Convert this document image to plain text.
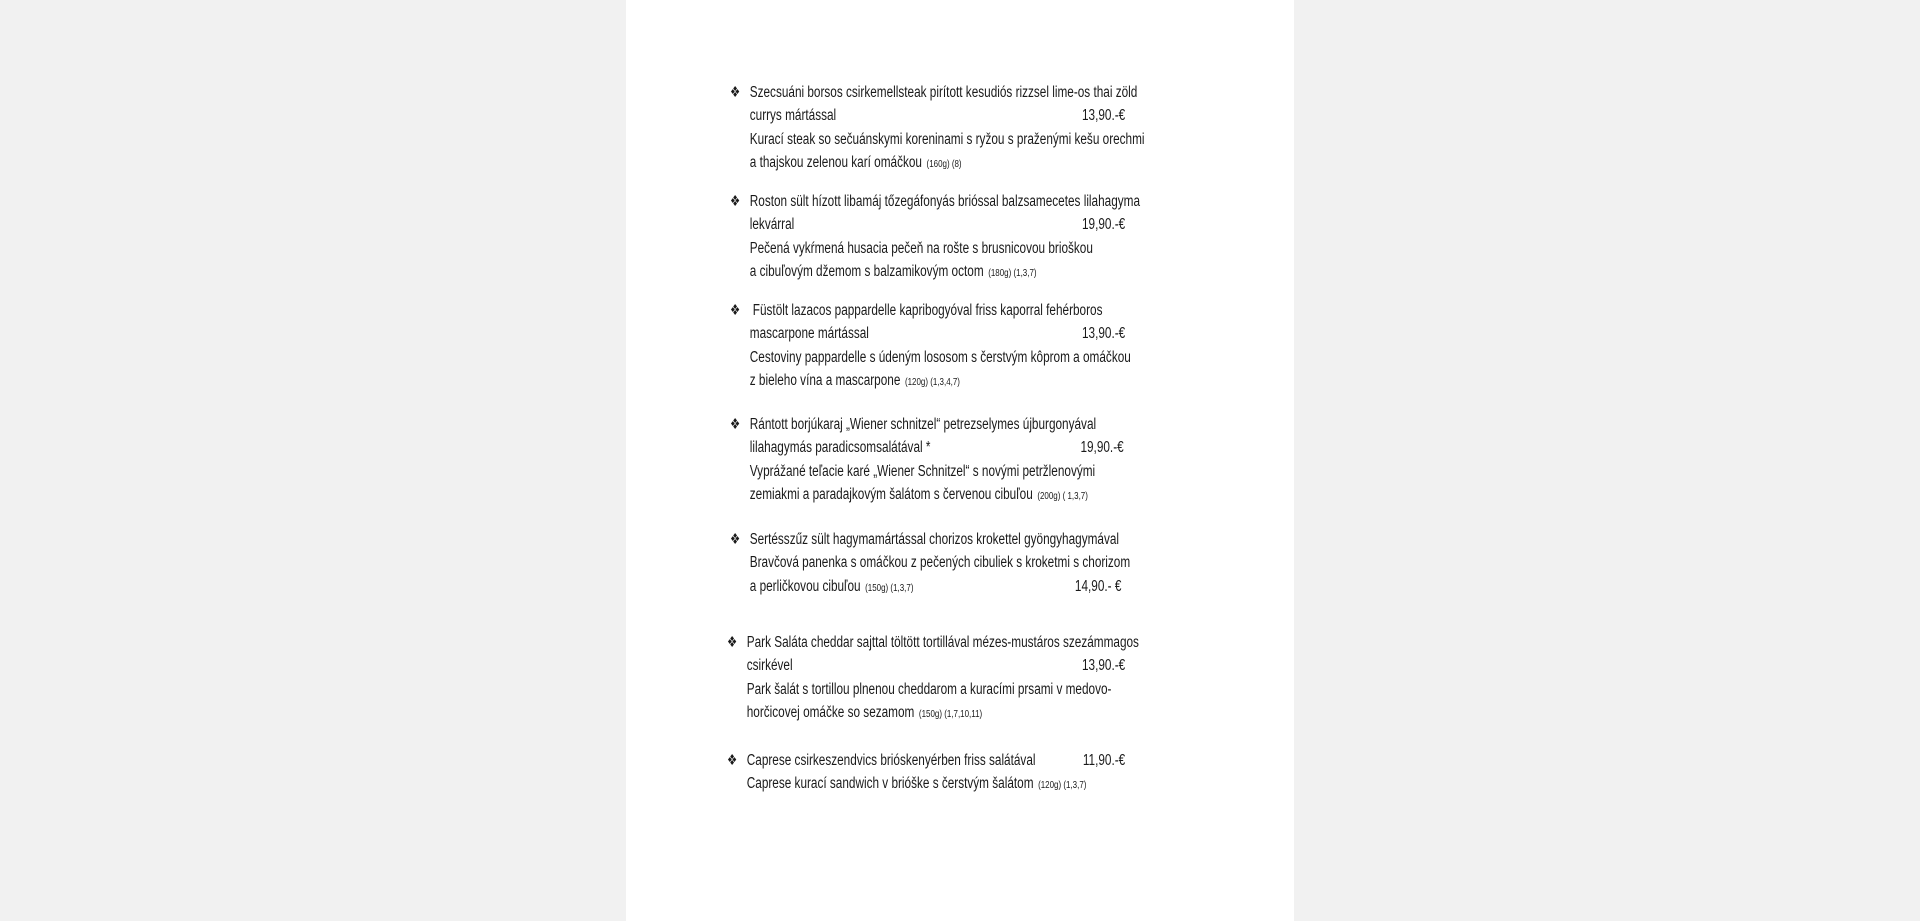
❖ Szecsuáni borsos csirkemellsteak pirított kesudiós rizzsel lime-os thai zöld
currys mártással	13,90.-€
Kurací steak so sečuánskymi koreninami s ryžou s praženými kešu orechmi
a thajskou zelenou karí omáčkou (160g) (8)
❖ Roston sült hízott libamáj tőzegáfonyás brióssal balzsamecetes lilahagyma
lekvárral	19,90.-€
Pečená vykŕmená husacia pečeň na rošte s brusnicovou brioškou
a cibuľovým džemom s balzamikovým octom (180g) (1,3,7)
❖ Füstölt lazacos pappardelle kapribogyóval friss kaporral fehérboros
mascarpone mártással	13,90.-€
Cestoviny pappardelle s údeným lososom s čerstvým kôprom a omáčkou
z bieleho vína a mascarpone (120g) (1,3,4,7)
❖ Rántott borjúkaraj „Wiener schnitzel“ petrezselymes újburgonyával
lilahagymás paradicsomsalátával *	19,90.-€
Vyprážané teľacie karé „Wiener Schnitzel“ s novými petržlenovými
zemiakmi a paradajkovým šalátom s červenou cibuľou (200g) ( 1,3,7)
❖ Sertésszűz sült hagymamártással chorizos krokettel gyöngyhagymával
Bravčová panenka s omáčkou z pečených cibuliek s kroketmi s chorizom
a perličkovou cibuľou (150g) (1,3,7)	14,90.- €
❖ Park Saláta cheddar sajttal töltött tortillával mézes-mustáros szezámmagos
csirkével	13,90.-€
Park šalát s tortillou plnenou cheddarom a kuracími prsami v medovo-
horčicovej omáčke so sezamom (150g) (1,7,10,11)
❖ Caprese csirkeszendvics brióskenyérben friss salátával	11,90.-€
Caprese kurací sandwich v brióške s čerstvým šalátom (120g) (1,3,7)
